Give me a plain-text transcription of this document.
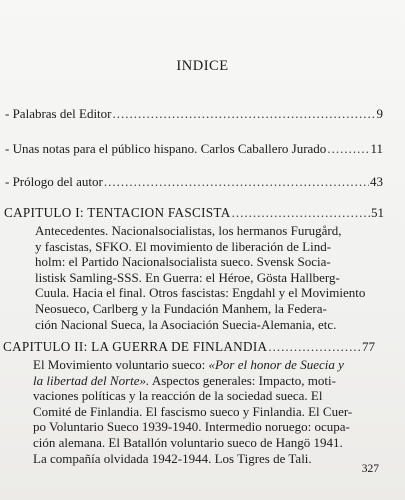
INDICE
- Palabras del Editor .....	9
- Unas notas para el público hispano. Carlos Caballero Jurado .....	11
- Prólogo del autor .....	43
CAPITULO I: TENTACION FASCISTA .....	51
Antecedentes. Nacionalsocialistas, los hermanos Furugård,
y fascistas, SFKO. El movimiento de liberación de Lind-
holm: el Partido Nacionalsocialista sueco. Svensk Socia-
listisk Samling-SSS. En Guerra: el Héroe, Gösta Hallberg-
Cuula. Hacia el final. Otros fascistas: Engdahl y el Movimiento
Neosueco, Carlberg y la Fundación Manhem, la Federa-
ción Nacional Sueca, la Asociación Suecia-Alemania, etc.
CAPITULO II: LA GUERRA DE FINLANDIA .....	77
El Movimiento voluntario sueco: «Por el honor de Suecia y
la libertad del Norte». Aspectos generales: Impacto, moti-
vaciones políticas y la reacción de la sociedad sueca. El
Comité de Finlandia. El fascismo sueco y Finlandia. El Cuer-
po Voluntario Sueco 1939-1940. Intermedio noruego: ocupa-
ción alemana. El Batallón voluntario sueco de Hangö 1941.
La compañía olvidada 1942-1944. Los Tigres de Tali.
327
